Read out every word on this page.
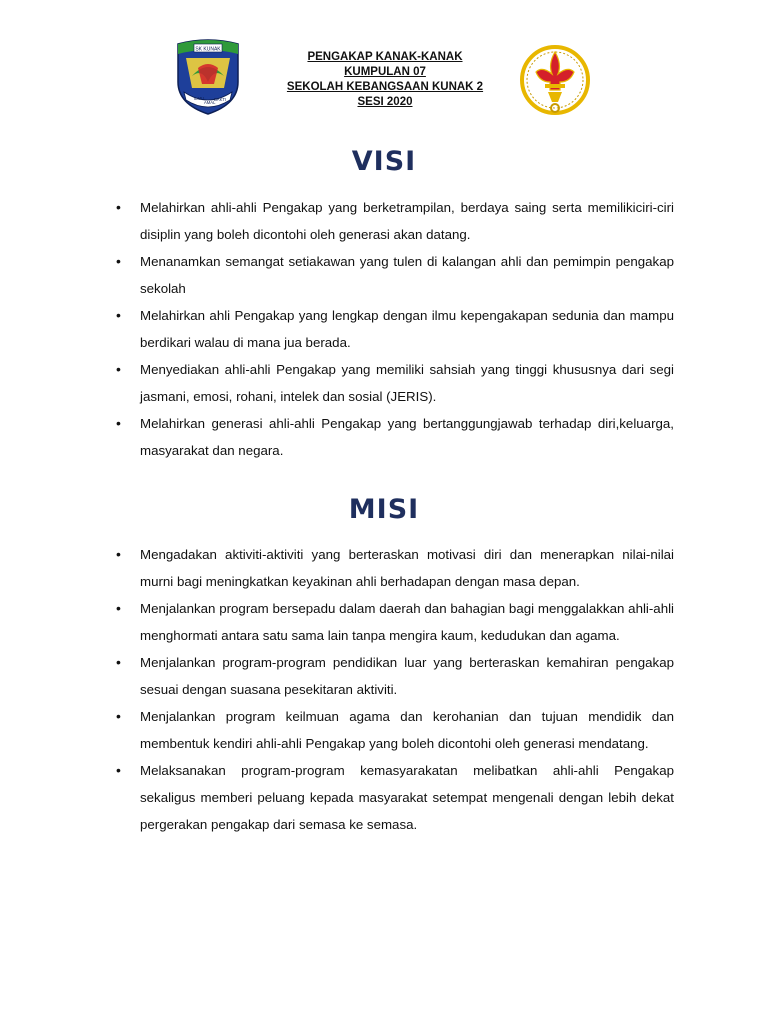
SK KUNAK
ILMU
AMAL
BAKTI
PENGAKAP KANAK-KANAK
KUMPULAN 07
SEKOLAH KEBANGSAAN KUNAK 2
SESI 2020
VISI
• Melahirkan ahli-ahli Pengakap yang berketrampilan, berdaya saing serta memilikiciri-ciri disiplin yang boleh dicontohi oleh generasi akan datang.
• Menanamkan semangat setiakawan yang tulen di kalangan ahli dan pemimpin pengakap sekolah
• Melahirkan ahli Pengakap yang lengkap dengan ilmu kepengakapan sedunia dan mampu berdikari walau di mana jua berada.
• Menyediakan ahli-ahli Pengakap yang memiliki sahsiah yang tinggi khususnya dari segi jasmani, emosi, rohani, intelek dan sosial (JERIS).
• Melahirkan generasi ahli-ahli Pengakap yang bertanggungjawab terhadap diri,keluarga, masyarakat dan negara.
MISI
• Mengadakan aktiviti-aktiviti yang berteraskan motivasi diri dan menerapkan nilai-nilai murni bagi meningkatkan keyakinan ahli berhadapan dengan masa depan.
• Menjalankan program bersepadu dalam daerah dan bahagian bagi menggalakkan ahli-ahli menghormati antara satu sama lain tanpa mengira kaum, kedudukan dan agama.
• Menjalankan program-program pendidikan luar yang berteraskan kemahiran pengakap sesuai dengan suasana pesekitaran aktiviti.
• Menjalankan program keilmuan agama dan kerohanian dan tujuan mendidik dan membentuk kendiri ahli-ahli Pengakap yang boleh dicontohi oleh generasi mendatang.
• Melaksanakan program-program kemasyarakatan melibatkan ahli-ahli Pengakap sekaligus memberi peluang kepada masyarakat setempat mengenali dengan lebih dekat pergerakan pengakap dari semasa ke semasa.
